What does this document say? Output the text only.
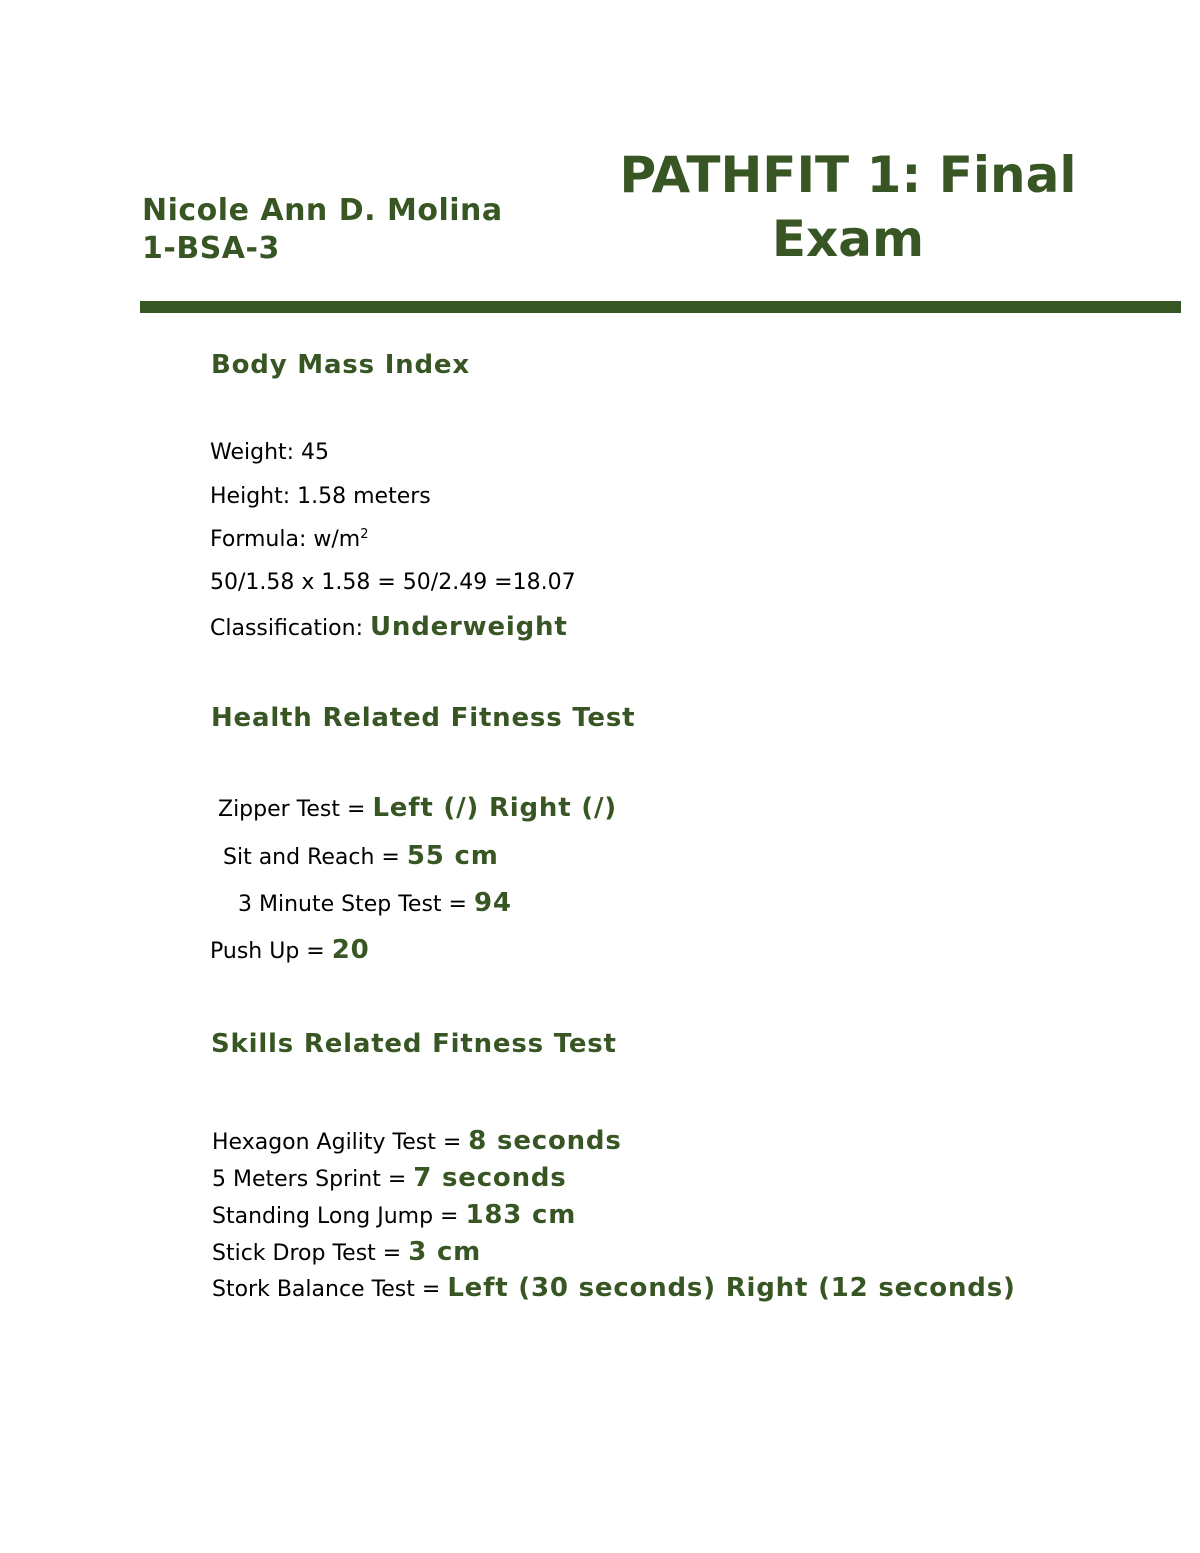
Nicole Ann D. Molina
1-BSA-3
PATHFIT 1: Final
Exam
Body Mass Index
Weight: 45
Height: 1.58 meters
Formula: $w/m^2$
50/1.58 x 1.58 = 50/2.49 =18.07
Classification: Underweight
Health Related Fitness Test
Zipper Test = Left (/) Right (/)
Sit and Reach = 55 cm
3 Minute Step Test = 94
Push Up = 20
Skills Related Fitness Test
Hexagon Agility Test = 8 seconds
5 Meters Sprint = 7 seconds
Standing Long Jump = 183 cm
Stick Drop Test = 3 cm
Stork Balance Test = Left (30 seconds) Right (12 seconds)
